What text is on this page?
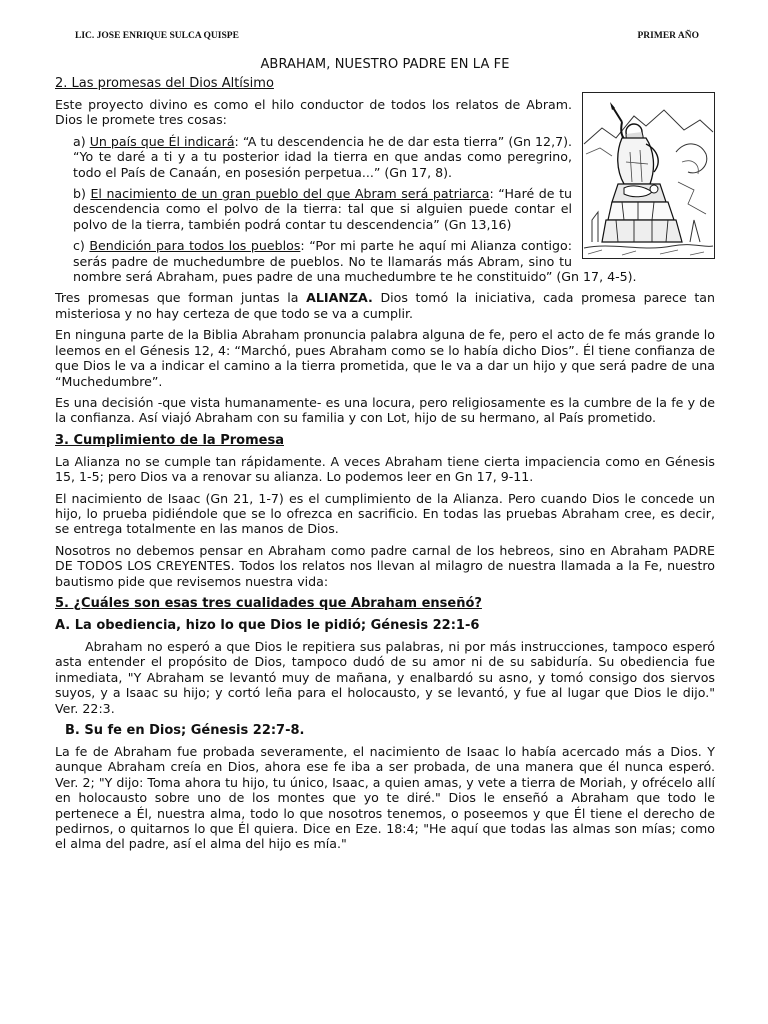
LIC. JOSE ENRIQUE SULCA QUISPE	PRIMER AÑO
ABRAHAM, NUESTRO PADRE EN LA FE
2. Las promesas del Dios Altísimo

Este proyecto divino es como el hilo conductor de todos los relatos de Abram. Dios le promete tres cosas:

a) Un país que Él indicará: “A tu descendencia he de dar esta tierra” (Gn 12,7). “Yo te daré a ti y a tu posterior idad la tierra en que andas como peregrino, todo el País de Canaán, en posesión perpetua...” (Gn 17, 8).

b) El nacimiento de un gran pueblo del que Abram será patriarca: “Haré de tu descendencia como el polvo de la tierra: tal que si alguien puede contar el polvo de la tierra, también podrá contar tu descendencia” (Gn 13,16)

c) Bendición para todos los pueblos: “Por mi parte he aquí mi Alianza contigo: serás padre de muchedumbre de pueblos. No te llamarás más Abram, sino tu nombre será Abraham, pues padre de una muchedumbre te he constituido” (Gn 17, 4-5).

Tres promesas que forman juntas la ALIANZA. Dios tomó la iniciativa, cada promesa parece tan misteriosa y no hay certeza de que todo se va a cumplir.

En ninguna parte de la Biblia Abraham pronuncia palabra alguna de fe, pero el acto de fe más grande lo leemos en el Génesis 12, 4: “Marchó, pues Abraham como se lo había dicho Dios”. Él tiene confianza de que Dios le va a indicar el camino a la tierra prometida, que le va a dar un hijo y que será padre de una “Muchedumbre”.

Es una decisión -que vista humanamente- es una locura, pero religiosamente es la cumbre de la fe y de la confianza. Así viajó Abraham con su familia y con Lot, hijo de su hermano, al País prometido.

3. Cumplimiento de la Promesa

La Alianza no se cumple tan rápidamente. A veces Abraham tiene cierta impaciencia como en Génesis 15, 1-5; pero Dios va a renovar su alianza. Lo podemos leer en Gn 17, 9-11.

El nacimiento de Isaac (Gn 21, 1-7) es el cumplimiento de la Alianza. Pero cuando Dios le concede un hijo, lo prueba pidiéndole que se lo ofrezca en sacrificio. En todas las pruebas Abraham cree, es decir, se entrega totalmente en las manos de Dios.

Nosotros no debemos pensar en Abraham como padre carnal de los hebreos, sino en Abraham PADRE DE TODOS LOS CREYENTES. Todos los relatos nos llevan al milagro de nuestra llamada a la Fe, nuestro bautismo pide que revisemos nuestra vida:

5. ¿Cuáles son esas tres cualidades que Abraham enseñó?
A. La obediencia, hizo lo que Dios le pidió; Génesis 22:1-6

Abraham no esperó a que Dios le repitiera sus palabras, ni por más instrucciones, tampoco esperó asta entender el propósito de Dios, tampoco dudó de su amor ni de su sabiduría. Su obediencia fue inmediata, "Y Abraham se levantó muy de mañana, y enalbardó su asno, y tomó consigo dos siervos suyos, y a Isaac su hijo; y cortó leña para el holocausto, y se levantó, y fue al lugar que Dios le dijo." Ver. 22:3.

B. Su fe en Dios; Génesis 22:7-8.

La fe de Abraham fue probada severamente, el nacimiento de Isaac lo había acercado más a Dios. Y aunque Abraham creía en Dios, ahora ese fe iba a ser probada, de una manera que él nunca esperó. Ver. 2; "Y dijo: Toma ahora tu hijo, tu único, Isaac, a quien amas, y vete a tierra de Moriah, y ofrécelo allí en holocausto sobre uno de los montes que yo te diré." Dios le enseñó a Abraham que todo le pertenece a Él, nuestra alma, todo lo que nosotros tenemos, o poseemos y que Él tiene el derecho de pedirnos, o quitarnos lo que Él quiera. Dice en Eze. 18:4; "He aquí que todas las almas son mías; como el alma del padre, así el alma del hijo es mía."
